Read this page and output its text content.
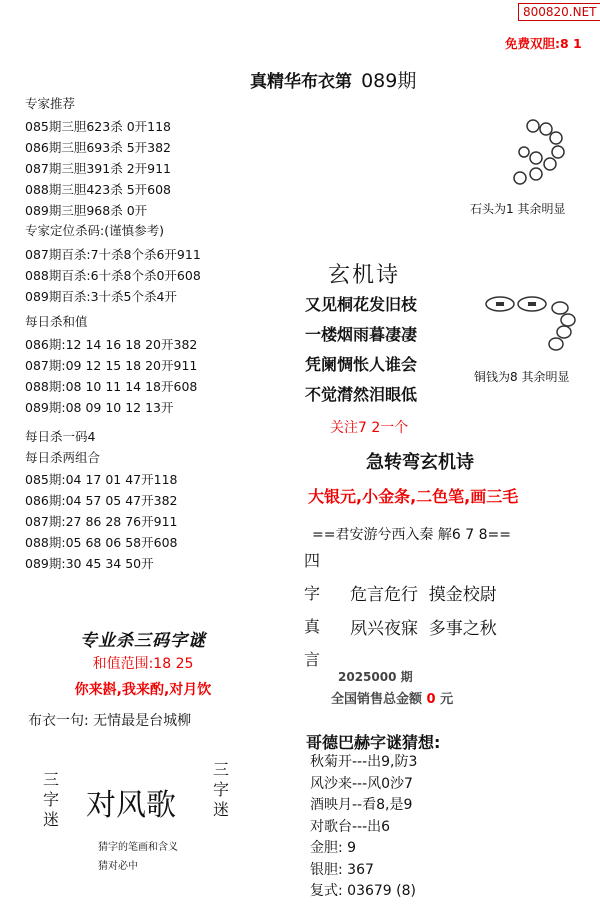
800820.NET
免费双胆:8 1
真精华布衣第 089期
专家推荐
085期三胆623杀 0开118
086期三胆693杀 5开382
087期三胆391杀 2开911
088期三胆423杀 5开608
089期三胆968杀 0开
专家定位杀码:(谨慎参考)
087期百杀:7十杀8个杀6开911
088期百杀:6十杀8个杀0开608
089期百杀:3十杀5个杀4开
每日杀和值
086期:12 14 16 18 20开382
087期:09 12 15 18 20开911
088期:08 10 11 14 18开608
089期:08 09 10 12 13开
每日杀一码4
每日杀两组合
085期:04 17 01 47开118
086期:04 57 05 47开382
087期:27 86 28 76开911
088期:05 68 06 58开608
089期:30 45 34 50开
专业杀三码字谜
和值范围:18 25
你来斟,我来酌,对月饮
布衣一句: 无情最是台城柳
三
字
迷 对风歌
三
字
迷
猜字的笔画和含义
猜对必中
石头为1 其余明显
铜钱为8 其余明显
玄机诗
又见桐花发旧枝
一楼烟雨暮凄凄
凭阑惆怅人谁会
不觉潸然泪眼低
关注7 2一个
急转弯玄机诗
大银元,小金条,二色笔,画三毛
==君安游兮西入秦 解6 7 8==
四
字
真
言
危言危行  摸金校尉
夙兴夜寐  多事之秋
2025000 期
全国销售总金额 0 元
哥德巴赫字谜猜想:
秋菊开---出9,防3
风沙来---风0沙7
酒映月--看8,是9
对歌台---出6
金胆: 9
银胆: 367
复式: 03679 (8)
